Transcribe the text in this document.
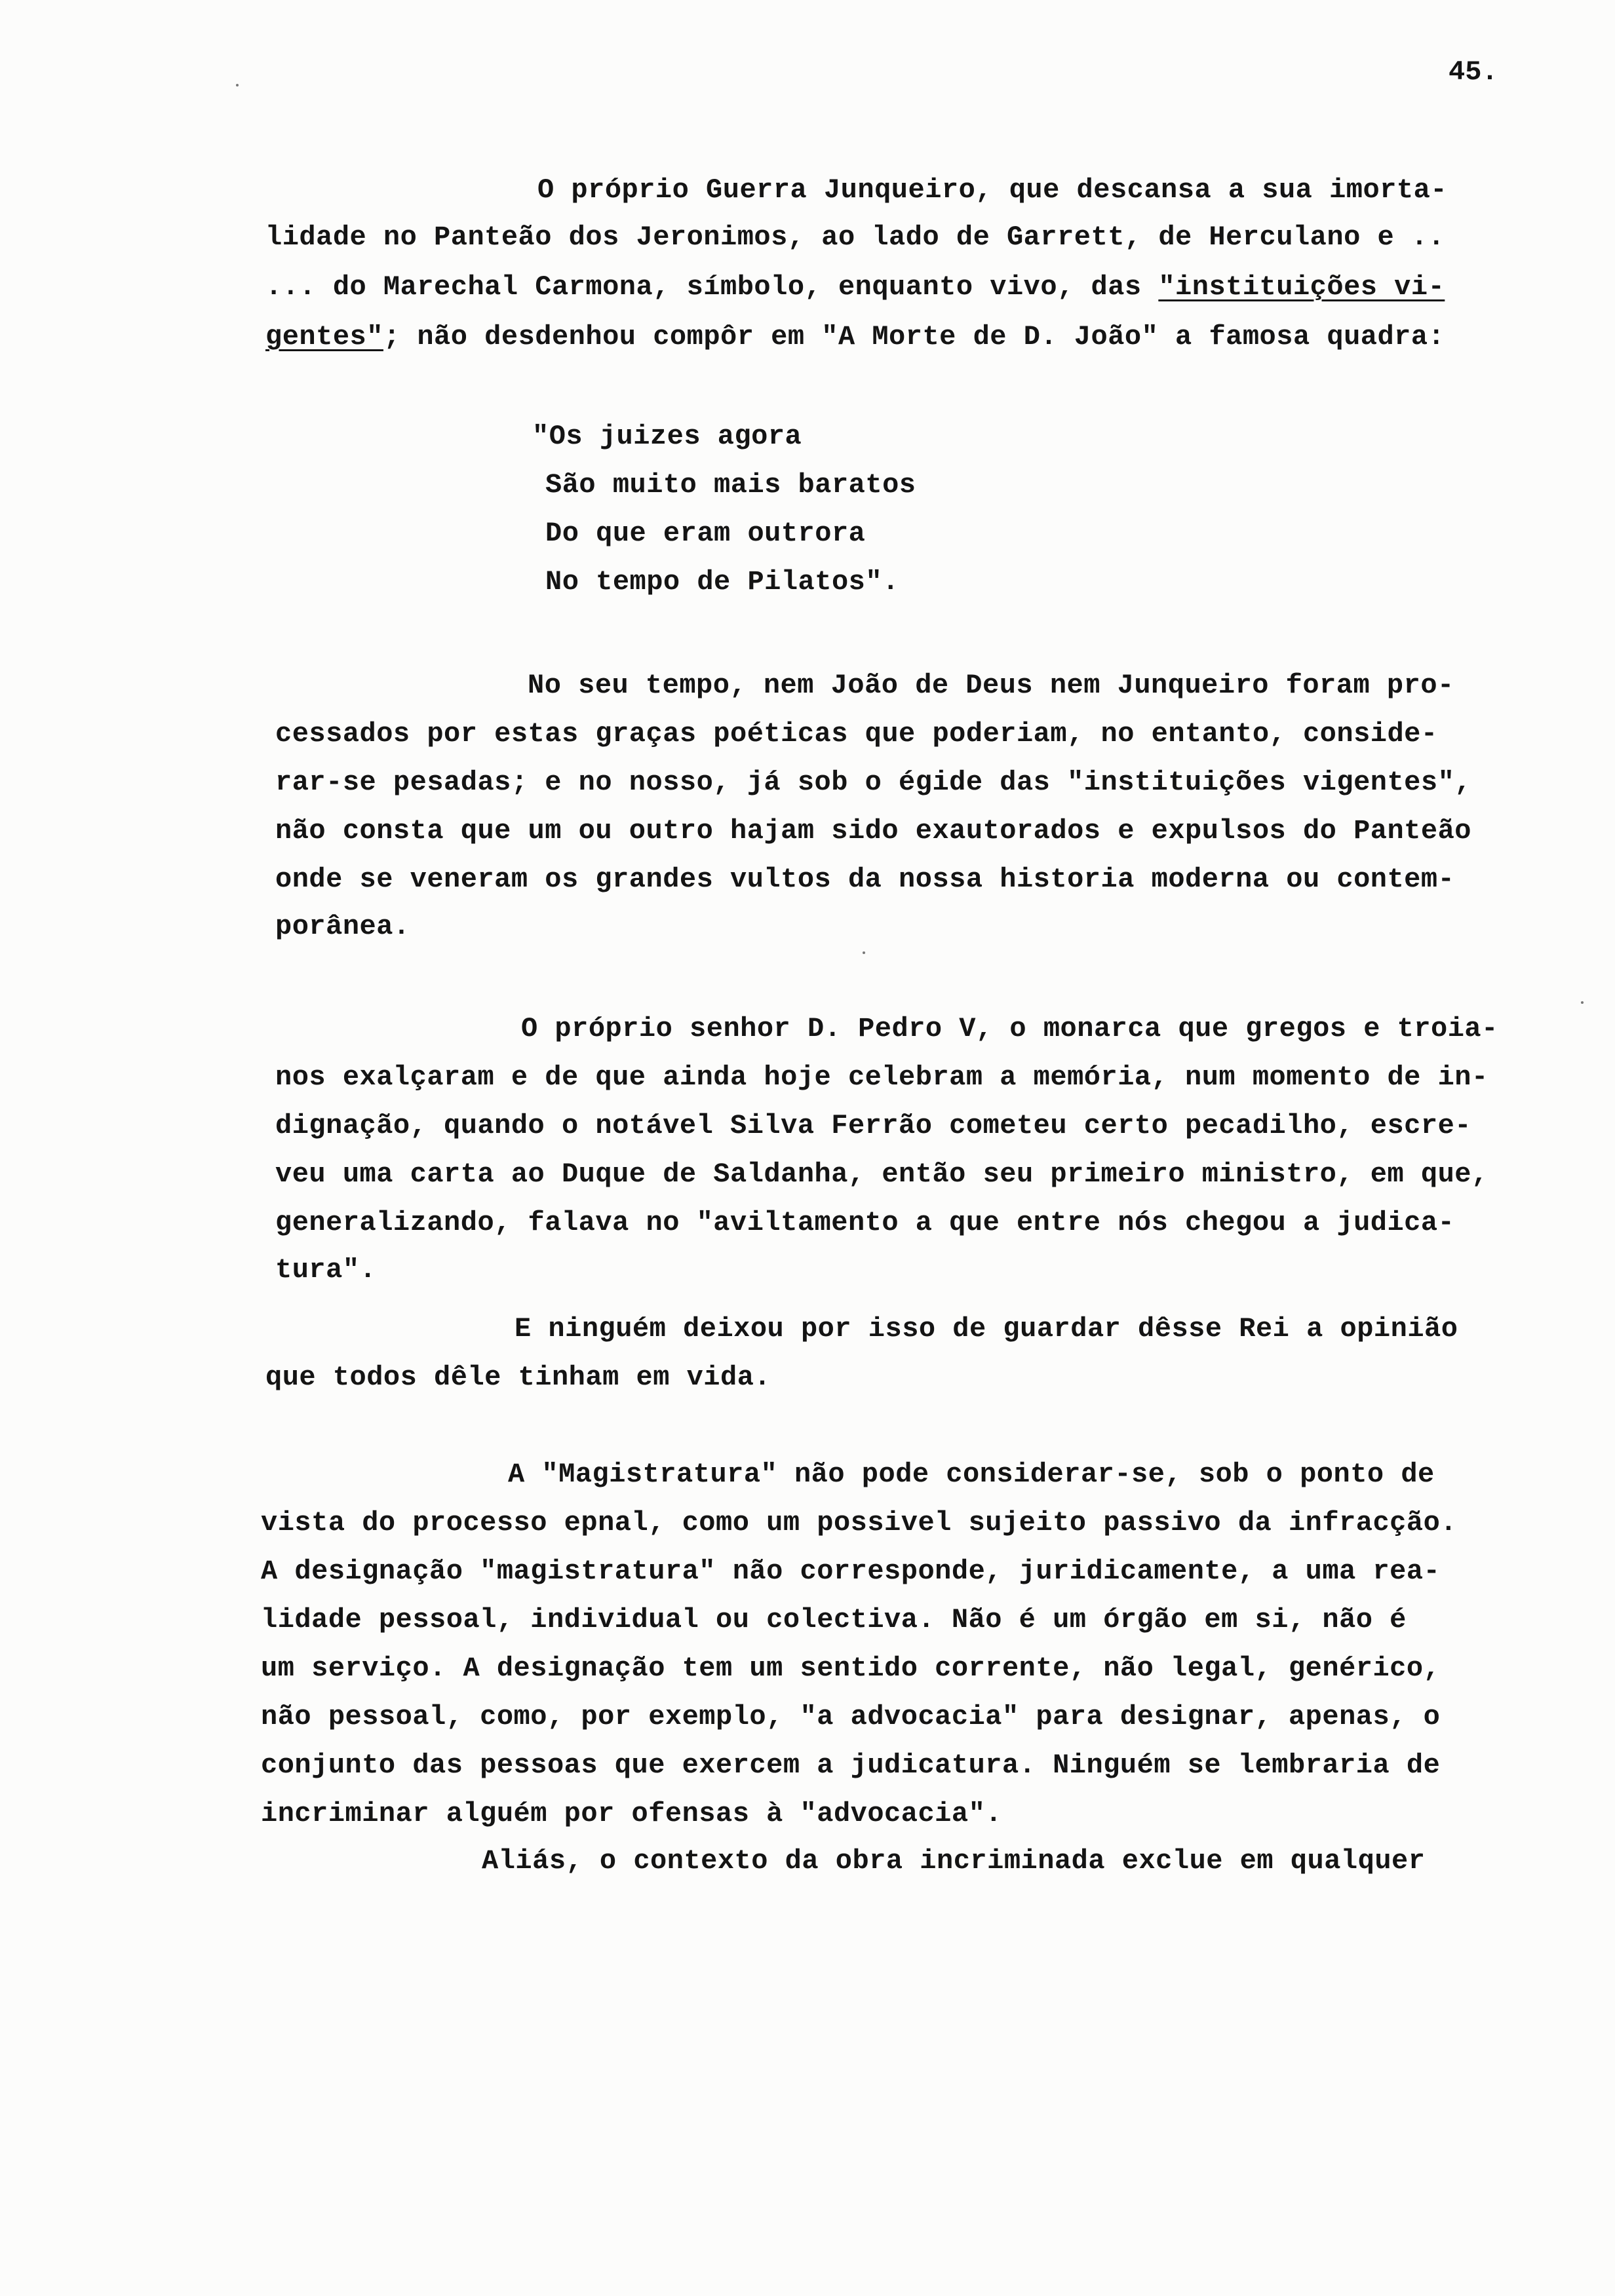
45.
O próprio Guerra Junqueiro, que descansa a sua imorta-
lidade no Panteão dos Jeronimos, ao lado de Garrett, de Herculano e ..
... do Marechal Carmona, símbolo, enquanto vivo, das "instituições vi-
gentes"; não desdenhou compôr em "A Morte de D. João" a famosa quadra:
"Os juizes agora
São muito mais baratos
Do que eram outrora
No tempo de Pilatos".
No seu tempo, nem João de Deus nem Junqueiro foram pro-
cessados por estas graças poéticas que poderiam, no entanto, conside-
rar-se pesadas; e no nosso, já sob o égide das "instituições vigentes",
não consta que um ou outro hajam sido exautorados e expulsos do Panteão
onde se veneram os grandes vultos da nossa historia moderna ou contem-
porânea.
O próprio senhor D. Pedro V, o monarca que gregos e troia-
nos exalçaram e de que ainda hoje celebram a memória, num momento de in-
dignação, quando o notável Silva Ferrão cometeu certo pecadilho, escre-
veu uma carta ao Duque de Saldanha, então seu primeiro ministro, em que,
generalizando, falava no "aviltamento a que entre nós chegou a judica-
tura".
E ninguém deixou por isso de guardar dêsse Rei a opinião
que todos dêle tinham em vida.
A "Magistratura" não pode considerar-se, sob o ponto de
vista do processo epnal, como um possivel sujeito passivo da infracção.
A designação "magistratura" não corresponde, juridicamente, a uma rea-
lidade pessoal, individual ou colectiva. Não é um órgão em si, não é
um serviço. A designação tem um sentido corrente, não legal, genérico,
não pessoal, como, por exemplo, "a advocacia" para designar, apenas, o
conjunto das pessoas que exercem a judicatura. Ninguém se lembraria de
incriminar alguém por ofensas à "advocacia".
Aliás, o contexto da obra incriminada exclue em qualquer
